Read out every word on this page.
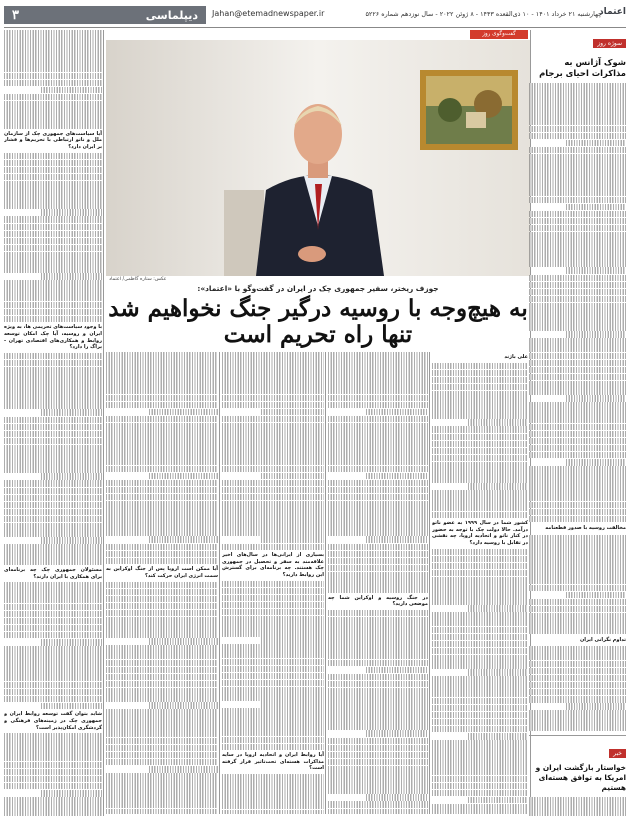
دیپلماسی
۳	Jahan@etemadnewspaper.ir	چهارشنبه ۲۱ خرداد ۱۴۰۱ - ۱۰ ذی‌القعده ۱۴۴۳ - ۸ ژوئن ۲۰۲۲ - سال نوزدهم شماره ۵۲۲۶
اعتماد
گفت‌وگوی روز
عکس: ستاره گاظمی/ اعتماد
جوزف ریختر، سفیر جمهوری چک در ایران در گفت‌وگو با «اعتماد»:
به هیچ‌وجه با روسیه درگیر جنگ نخواهیم شد
تنها راه تحریم است
علی باژند
کشور شما در سال ۱۹۹۹ به عضو ناتو درآمد. حالا دولت چک با توجه به حضور در کنار ناتو و اتحادیه اروپا، چه نقشی در تقابل با روسیه دارد؟
در جنگ روسیه و اوکراین شما چه موضعی دارید؟
بسیاری از ایرانی‌ها در سال‌های اخیر علاقه‌مند به سفر و تحصیل در جمهوری چک هستند. چه برنامه‌ای برای گسترش این روابط دارید؟
آیا روابط ایران و اتحادیه اروپا در سایه مذاکرات هسته‌ای تحت‌تاثیر قرار گرفته است؟
آیا ممکن است اروپا پس از جنگ اوکراین به سمت انرژی ایران حرکت کند؟
سوژه روز
شوک آژانس به مذاکرات احیای برجام
مخالفت روسیه با صدور قطعنامه
تداوم نگرانی ایران
خبر
خواستار بازگشت ایران و امریکا به توافق هسته‌ای هستیم
آیا سیاست‌های جمهوری چک از سازمان ملل و ناتو ارتباطی با تحریم‌ها و فشار بر ایران دارد؟
با وجود سیاست‌های تحریمی ها، به ویژه ایران و روسیه، آیا چک امکان توسعه روابط و همکاری‌های اقتصادی تهران - پراگ را دارد؟
مسئولان جمهوری چک چه برنامه‌ای برای همکاری با ایران دارند؟
شاید بتوان گفت توسعه روابط ایران و جمهوری چک در زمینه‌های فرهنگی و گردشگری امکان‌پذیر است؟
